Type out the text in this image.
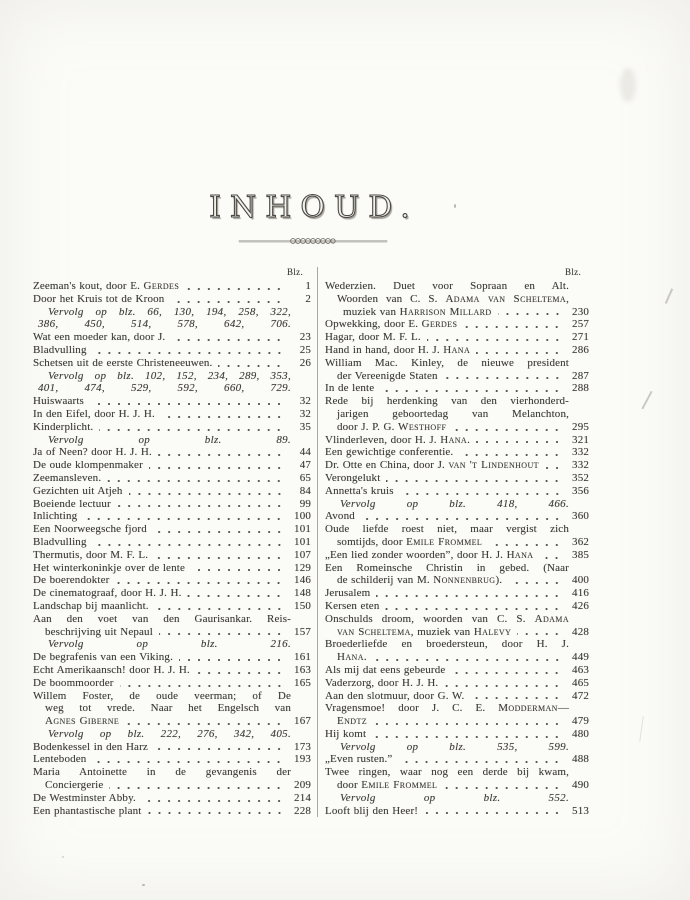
INHOUD.
Blz.
Zeeman's kout, door E. Gerdes	1
Door het Kruis tot de Kroon	2
Vervolg op blz. 66, 130, 194, 258, 322,
386, 450, 514, 578, 642, 706.
Wat een moeder kan, door J.	23
Bladvulling	25
Schetsen uit de eerste Christeneeuwen.	26
Vervolg op blz. 102, 152, 234, 289, 353,
401, 474, 529, 592, 660, 729.
Huiswaarts	32
In den Eifel, door H. J. H.	32
Kinderplicht.	35
Vervolg op blz. 89.
Ja of Neen? door H. J. H.	44
De oude klompenmaker	47
Zeemansleven.	65
Gezichten uit Atjeh	84
Boeiende lectuur	99
Inlichting	100
Een Noorweegsche fjord	101
Bladvulling	101
Thermutis, door M. F. L.	107
Het winterkoninkje over de lente	129
De boerendokter	146
De cinematograaf, door H. J. H.	148
Landschap bij maanlicht.	150
Aan den voet van den Gaurisankar. Reis-
beschrijving uit Nepaul	157
Vervolg op blz. 216.
De begrafenis van een Viking.	161
Echt Amerikaansch! door H. J. H.	163
De boommoorder	165
Willem Foster, de oude veerman; of De
weg tot vrede. Naar het Engelsch van
Agnes Giberne	167
Vervolg op blz. 222, 276, 342, 405.
Bodenkessel in den Harz	173
Lenteboden	193
Maria Antoinette in de gevangenis der
Conciergerie	209
De Westminster Abby.	214
Een phantastische plant	228
Blz.
Wederzien. Duet voor Sopraan en Alt.
Woorden van C. S. Adama van Scheltema,
muziek van Harrison Millard	230
Opwekking, door E. Gerdes	257
Hagar, door M. F. L.	271
Hand in hand, door H. J. Hana	286
William Mac. Kinley, de nieuwe president
der Vereenigde Staten	287
In de lente	288
Rede bij herdenking van den vierhonderd-
jarigen geboortedag van Melanchton,
door J. P. G. Westhoff	295
Vlinderleven, door H. J. Hana.	321
Een gewichtige conferentie.	332
Dr. Otte en China, door J. van 't Lindenhout	332
Verongelukt	352
Annetta's kruis	356
Vervolg op blz. 418, 466.
Avond	360
Oude liefde roest niet, maar vergist zich
somtijds, door Emile Frommel	362
„Een lied zonder woorden”, door H. J. Hana	385
Een Romeinsche Christin in gebed. (Naar
de schilderij van M. Nonnenbrug).	400
Jerusalem	416
Kersen eten	426
Onschulds droom, woorden van C. S. Adama
van Scheltema, muziek van Halevy	428
Broederliefde en broedersteun, door H. J.
Hana.	449
Als mij dat eens gebeurde	463
Vaderzorg, door H. J. H.	465
Aan den slotmuur, door G. W.	472
Vragensmoe! door J. C. E. Modderman—
Endtz	479
Hij komt	480
Vervolg op blz. 535, 599.
„Even rusten.”	488
Twee ringen, waar nog een derde bij kwam,
door Emile Frommel	490
Vervolg op blz. 552.
Looft blij den Heer!	513
